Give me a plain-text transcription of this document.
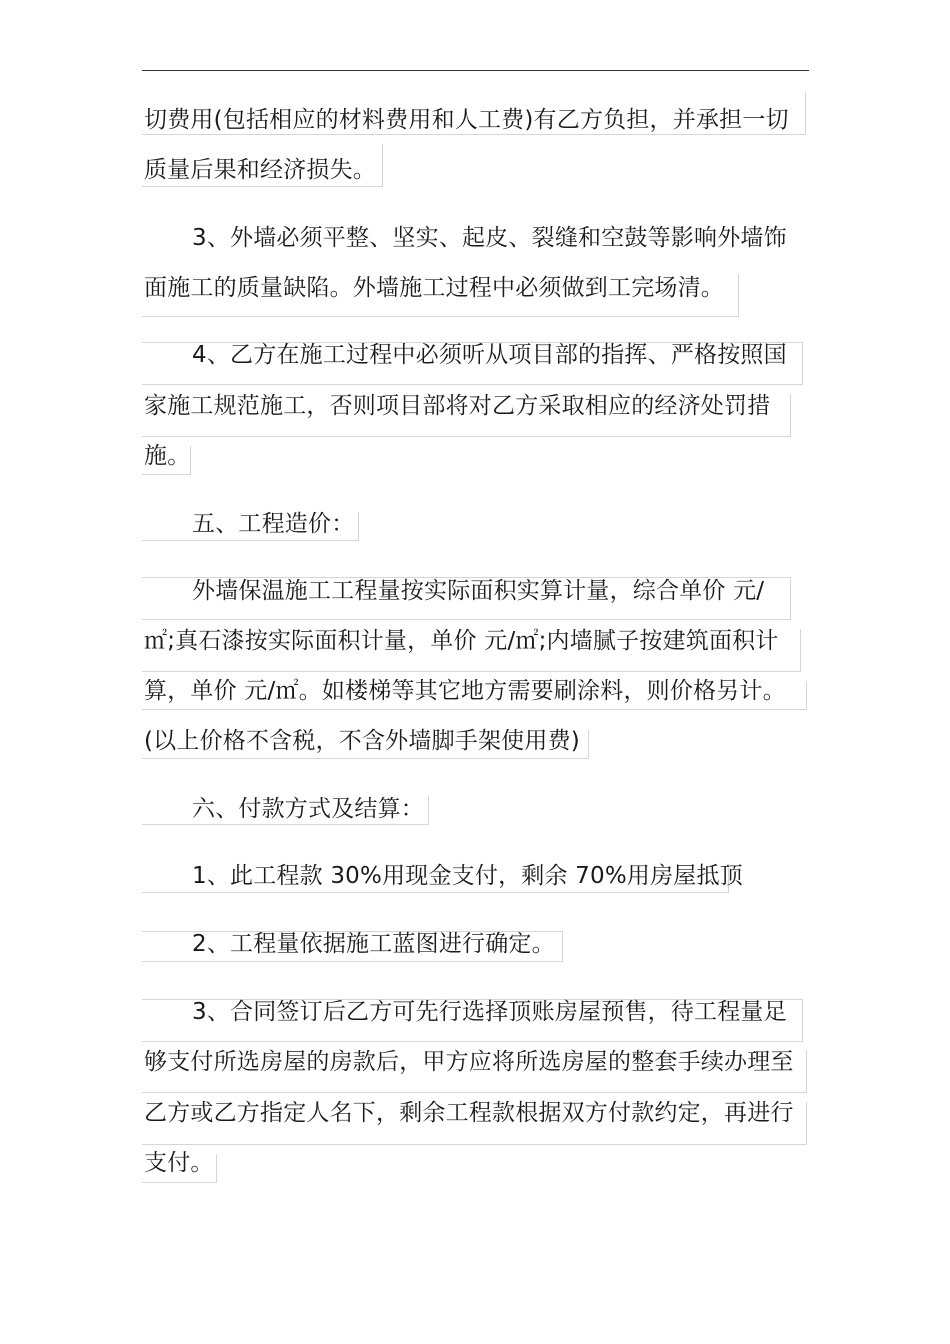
切费用(包括相应的材料费用和人工费)有乙方负担，并承担一切
质量后果和经济损失。
3、外墙必须平整、坚实、起皮、裂缝和空鼓等影响外墙饰
面施工的质量缺陷。外墙施工过程中必须做到工完场清。
4、乙方在施工过程中必须听从项目部的指挥、严格按照国
家施工规范施工，否则项目部将对乙方采取相应的经济处罚措
施。
五、工程造价：
外墙保温施工工程量按实际面积实算计量，综合单价 元/
㎡;真石漆按实际面积计量，单价 元/㎡;内墙腻子按建筑面积计
算，单价 元/㎡。如楼梯等其它地方需要刷涂料，则价格另计。
(以上价格不含税，不含外墙脚手架使用费)
六、付款方式及结算：
1、此工程款 30%用现金支付，剩余 70%用房屋抵顶
2、工程量依据施工蓝图进行确定。
3、合同签订后乙方可先行选择顶账房屋预售，待工程量足
够支付所选房屋的房款后，甲方应将所选房屋的整套手续办理至
乙方或乙方指定人名下，剩余工程款根据双方付款约定，再进行
支付。
